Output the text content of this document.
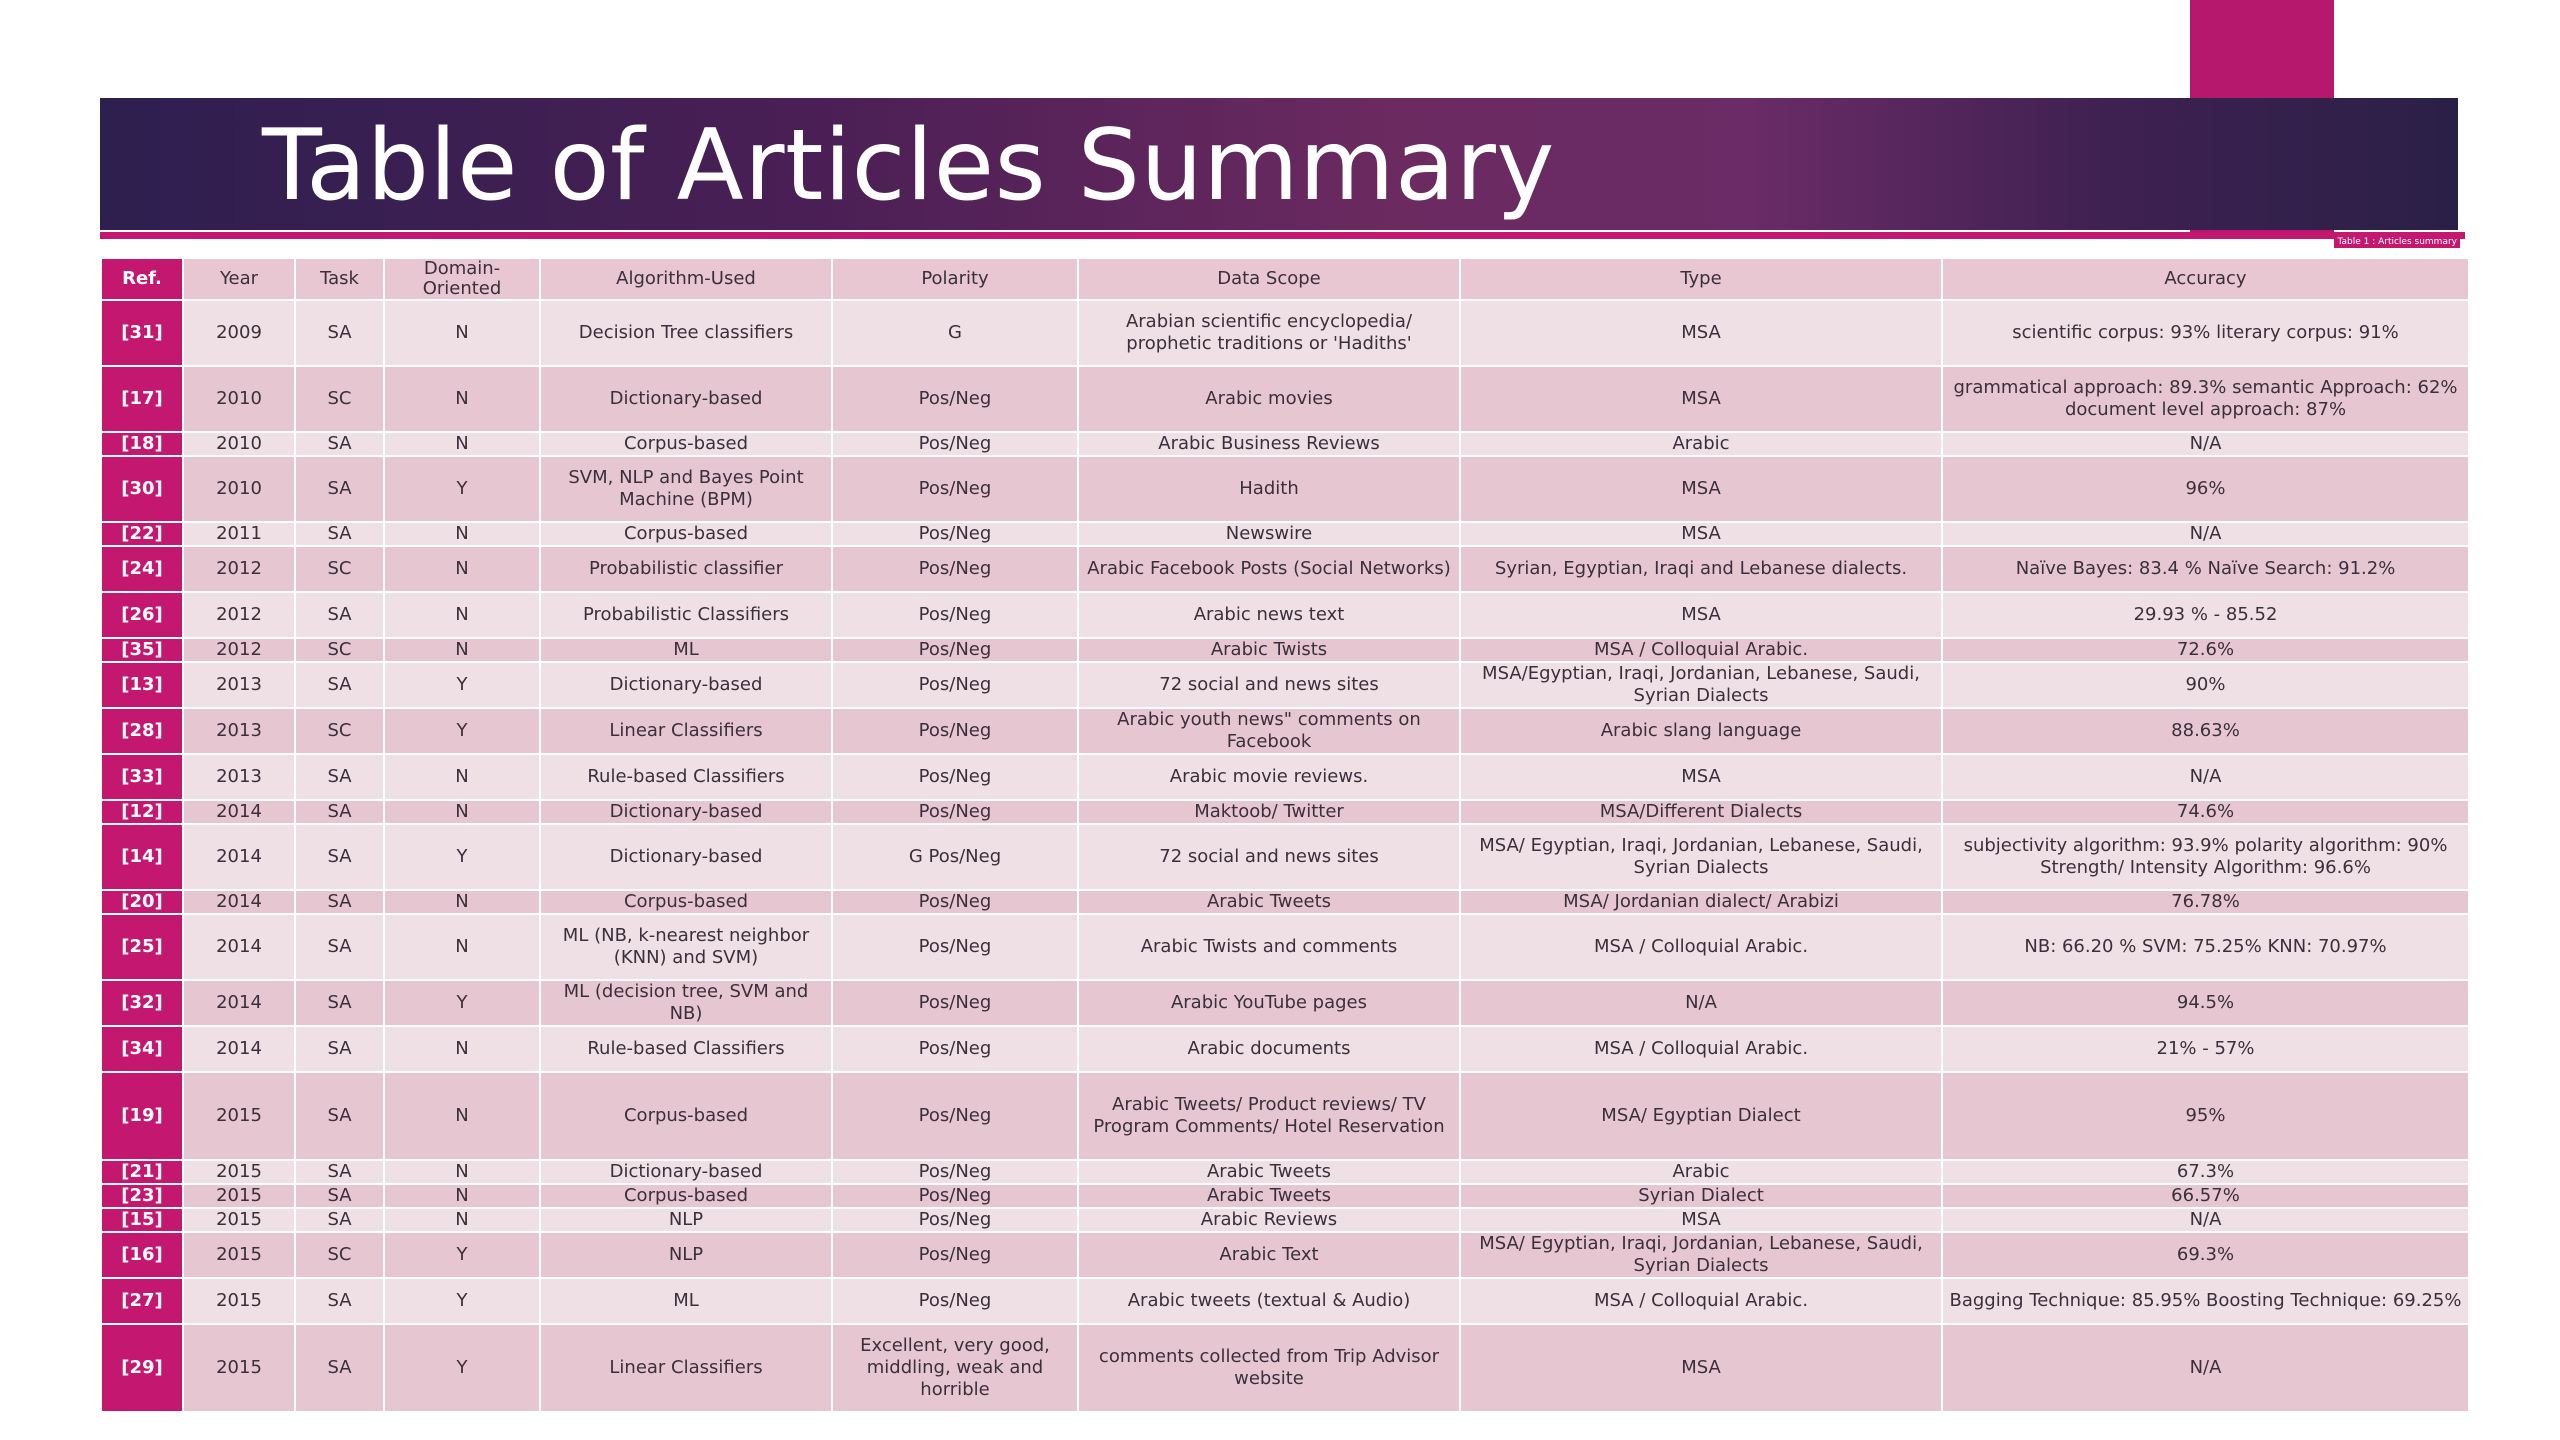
Table of Articles Summary
Table 1 : Articles summary
Ref.	Year	Task	Domain-Oriented	Algorithm-Used	Polarity	Data Scope	Type	Accuracy
[31]	2009	SA	N	Decision Tree classifiers	G	Arabian scientific encyclopedia/ prophetic traditions or 'Hadiths'	MSA	scientific corpus: 93% literary corpus: 91%
[17]	2010	SC	N	Dictionary-based	Pos/Neg	Arabic movies	MSA	grammatical approach: 89.3% semantic Approach: 62% document level approach: 87%
[18]	2010	SA	N	Corpus-based	Pos/Neg	Arabic Business Reviews	Arabic	N/A
[30]	2010	SA	Y	SVM, NLP and Bayes Point Machine (BPM)	Pos/Neg	Hadith	MSA	96%
[22]	2011	SA	N	Corpus-based	Pos/Neg	Newswire	MSA	N/A
[24]	2012	SC	N	Probabilistic classifier	Pos/Neg	Arabic Facebook Posts (Social Networks)	Syrian, Egyptian, Iraqi and Lebanese dialects.	Naïve Bayes: 83.4 % Naïve Search: 91.2%
[26]	2012	SA	N	Probabilistic Classifiers	Pos/Neg	Arabic news text	MSA	29.93 % - 85.52
[35]	2012	SC	N	ML	Pos/Neg	Arabic Twists	MSA / Colloquial Arabic.	72.6%
[13]	2013	SA	Y	Dictionary-based	Pos/Neg	72 social and news sites	MSA/Egyptian, Iraqi, Jordanian, Lebanese, Saudi, Syrian Dialects	90%
[28]	2013	SC	Y	Linear Classifiers	Pos/Neg	Arabic youth news" comments on Facebook	Arabic slang language	88.63%
[33]	2013	SA	N	Rule-based Classifiers	Pos/Neg	Arabic movie reviews.	MSA	N/A
[12]	2014	SA	N	Dictionary-based	Pos/Neg	Maktoob/ Twitter	MSA/Different Dialects	74.6%
[14]	2014	SA	Y	Dictionary-based	G Pos/Neg	72 social and news sites	MSA/ Egyptian, Iraqi, Jordanian, Lebanese, Saudi, Syrian Dialects	subjectivity algorithm: 93.9% polarity algorithm: 90% Strength/ Intensity Algorithm: 96.6%
[20]	2014	SA	N	Corpus-based	Pos/Neg	Arabic Tweets	MSA/ Jordanian dialect/ Arabizi	76.78%
[25]	2014	SA	N	ML (NB, k-nearest neighbor (KNN) and SVM)	Pos/Neg	Arabic Twists and comments	MSA / Colloquial Arabic.	NB: 66.20 % SVM: 75.25% KNN: 70.97%
[32]	2014	SA	Y	ML (decision tree, SVM and NB)	Pos/Neg	Arabic YouTube pages	N/A	94.5%
[34]	2014	SA	N	Rule-based Classifiers	Pos/Neg	Arabic documents	MSA / Colloquial Arabic.	21% - 57%
[19]	2015	SA	N	Corpus-based	Pos/Neg	Arabic Tweets/ Product reviews/ TV Program Comments/ Hotel Reservation	MSA/ Egyptian Dialect	95%
[21]	2015	SA	N	Dictionary-based	Pos/Neg	Arabic Tweets	Arabic	67.3%
[23]	2015	SA	N	Corpus-based	Pos/Neg	Arabic Tweets	Syrian Dialect	66.57%
[15]	2015	SA	N	NLP	Pos/Neg	Arabic Reviews	MSA	N/A
[16]	2015	SC	Y	NLP	Pos/Neg	Arabic Text	MSA/ Egyptian, Iraqi, Jordanian, Lebanese, Saudi, Syrian Dialects	69.3%
[27]	2015	SA	Y	ML	Pos/Neg	Arabic tweets (textual & Audio)	MSA / Colloquial Arabic.	Bagging Technique: 85.95% Boosting Technique: 69.25%
[29]	2015	SA	Y	Linear Classifiers	Excellent, very good, middling, weak and horrible	comments collected from Trip Advisor website	MSA	N/A
